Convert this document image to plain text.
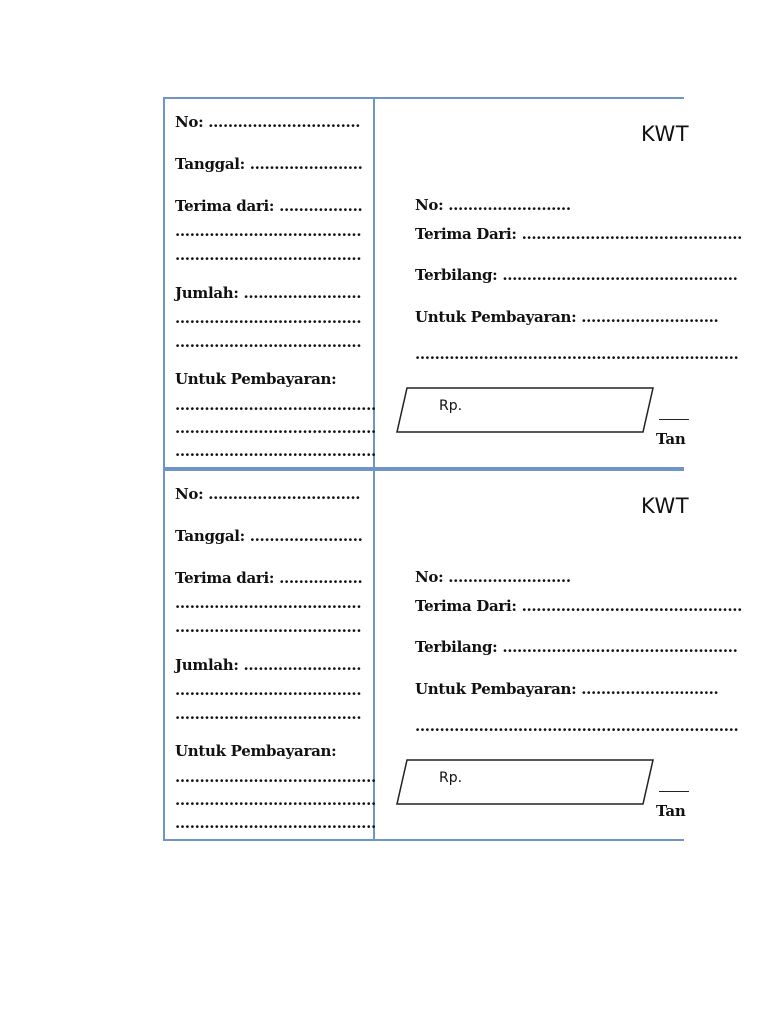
No: ………………………….
Tanggal: …………………..
Terima dari: ……………..
………………………………..
………………………………..
Jumlah: ……………………
………………………………..
………………………………..
Untuk Pembayaran:
…………………………………..
…………………………………..
…………………………………..
KWT
No: …………………….
Terima Dari: ………………………………………
Terbilang: …………………………………………
Untuk Pembayaran: ……………………….
…………………………………………………………
Rp.
Tan
No: ………………………….
Tanggal: …………………..
Terima dari: ……………..
………………………………..
………………………………..
Jumlah: ……………………
………………………………..
………………………………..
Untuk Pembayaran:
…………………………………..
…………………………………..
…………………………………..
KWT
No: …………………….
Terima Dari: ………………………………………
Terbilang: …………………………………………
Untuk Pembayaran: ……………………….
…………………………………………………………
Rp.
Tan
